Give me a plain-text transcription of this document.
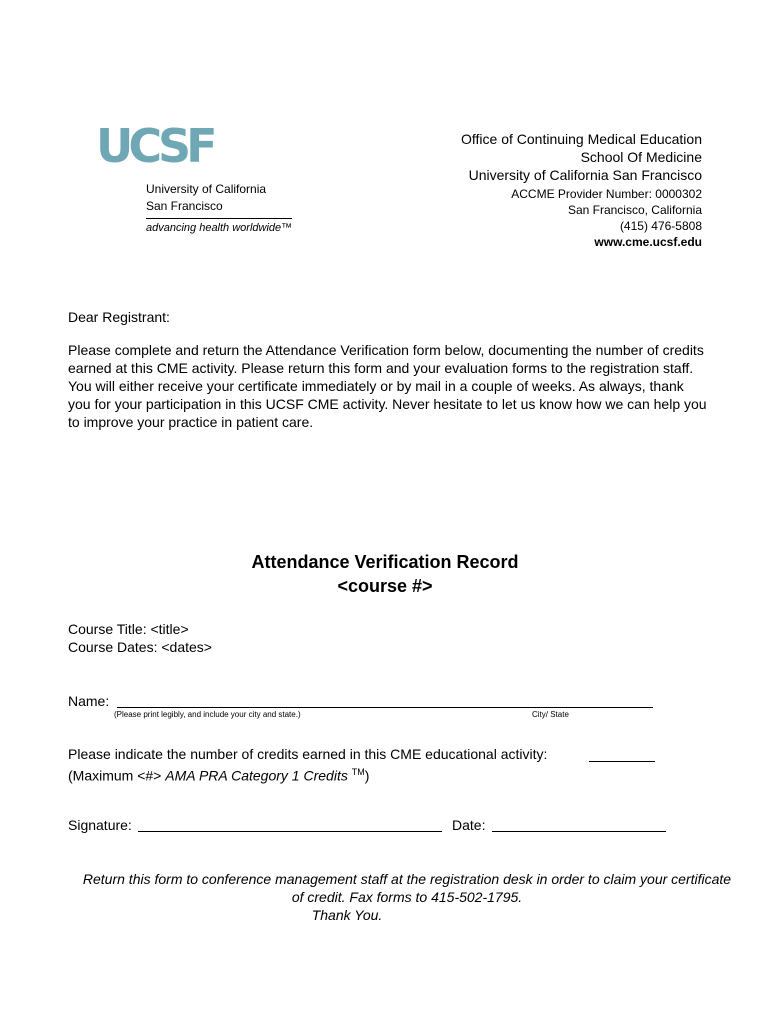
UCSF
University of California
San Francisco
advancing health worldwide™
Office of Continuing Medical Education
School Of Medicine
University of California San Francisco
ACCME Provider Number: 0000302
San Francisco, California
(415) 476-5808
www.cme.ucsf.edu
Dear Registrant:
Please complete and return the Attendance Verification form below, documenting the number of credits earned at this CME activity. Please return this form and your evaluation forms to the registration staff. You will either receive your certificate immediately or by mail in a couple of weeks. As always, thank you for your participation in this UCSF CME activity. Never hesitate to let us know how we can help you to improve your practice in patient care.
Attendance Verification Record
<course #>
Course Title: <title>
Course Dates: <dates>
Name:
(Please print legibly, and include your city and state.)	City/ State
Please indicate the number of credits earned in this CME educational activity:
(Maximum <#> AMA PRA Category 1 Credits ™)
Signature:	Date:
Return this form to conference management staff at the registration desk in order to claim your certificate of credit. Fax forms to 415-502-1795.
Thank You.
